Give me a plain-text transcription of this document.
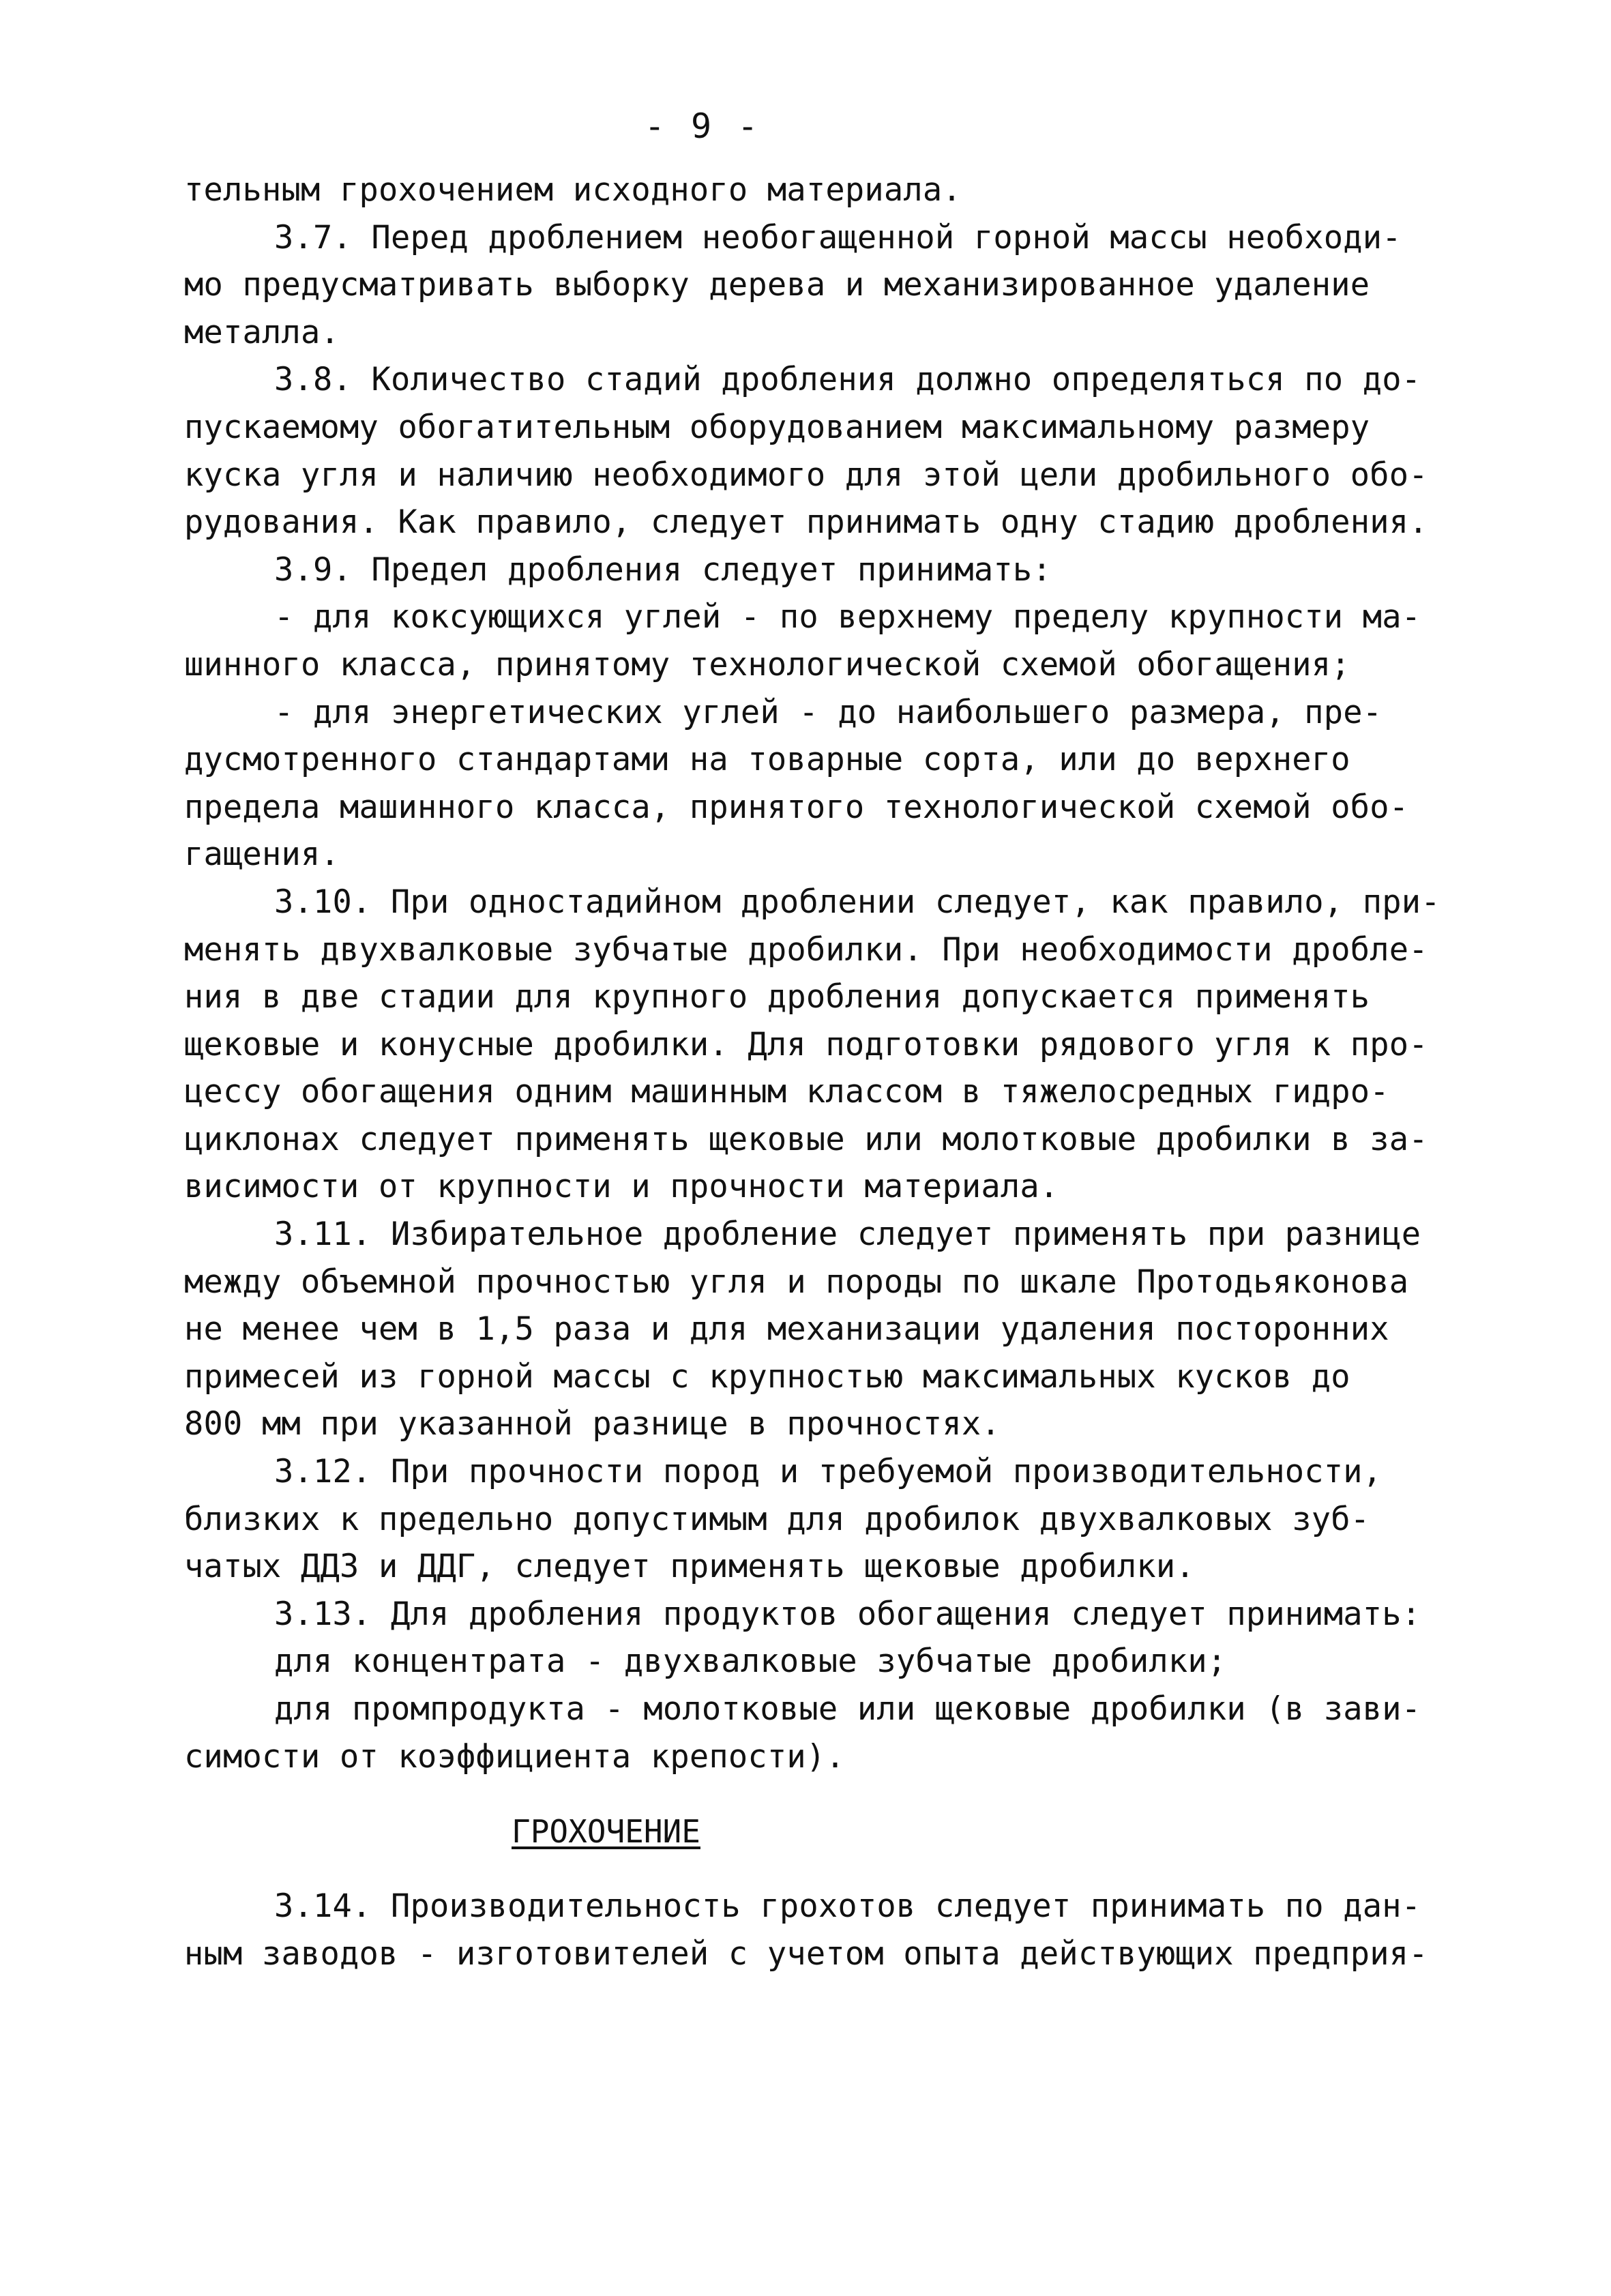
- 9 -
тельным грохочением исходного материала.
3.7. Перед дроблением необогащенной горной массы необходи-
мо предусматривать выборку дерева и механизированное удаление
металла.
3.8. Количество стадий дробления должно определяться по до-
пускаемому обогатительным оборудованием максимальному размеру
куска угля и наличию необходимого для этой цели дробильного обо-
рудования. Как правило, следует принимать одну стадию дробления.
3.9. Предел дробления следует принимать:
- для коксующихся углей - по верхнему пределу крупности ма-
шинного класса, принятому технологической схемой обогащения;
- для энергетических углей - до наибольшего размера, пре-
дусмотренного стандартами на товарные сорта, или до верхнего
предела машинного класса, принятого технологической схемой обо-
гащения.
3.10. При одностадийном дроблении следует, как правило, при-
менять двухвалковые зубчатые дробилки. При необходимости дробле-
ния в две стадии для крупного дробления допускается применять
щековые и конусные дробилки. Для подготовки рядового угля к про-
цессу обогащения одним машинным классом в тяжелосредных гидро-
циклонах следует применять щековые или молотковые дробилки в за-
висимости от крупности и прочности материала.
3.11. Избирательное дробление следует применять при разнице
между объемной прочностью угля и породы по шкале Протодьяконова
не менее чем в 1,5 раза и для механизации удаления посторонних
примесей из горной массы с крупностью максимальных кусков до
800 мм при указанной разнице в прочностях.
3.12. При прочности пород и требуемой производительности,
близких к предельно допустимым для дробилок двухвалковых зуб-
чатых ДДЗ и ДДГ, следует применять щековые дробилки.
3.13. Для дробления продуктов обогащения следует принимать:
для концентрата - двухвалковые зубчатые дробилки;
для промпродукта - молотковые или щековые дробилки (в зави-
симости от коэффициента крепости).
ГРОХОЧЕНИЕ
3.14. Производительность грохотов следует принимать по дан-
ным заводов - изготовителей с учетом опыта действующих предприя-
